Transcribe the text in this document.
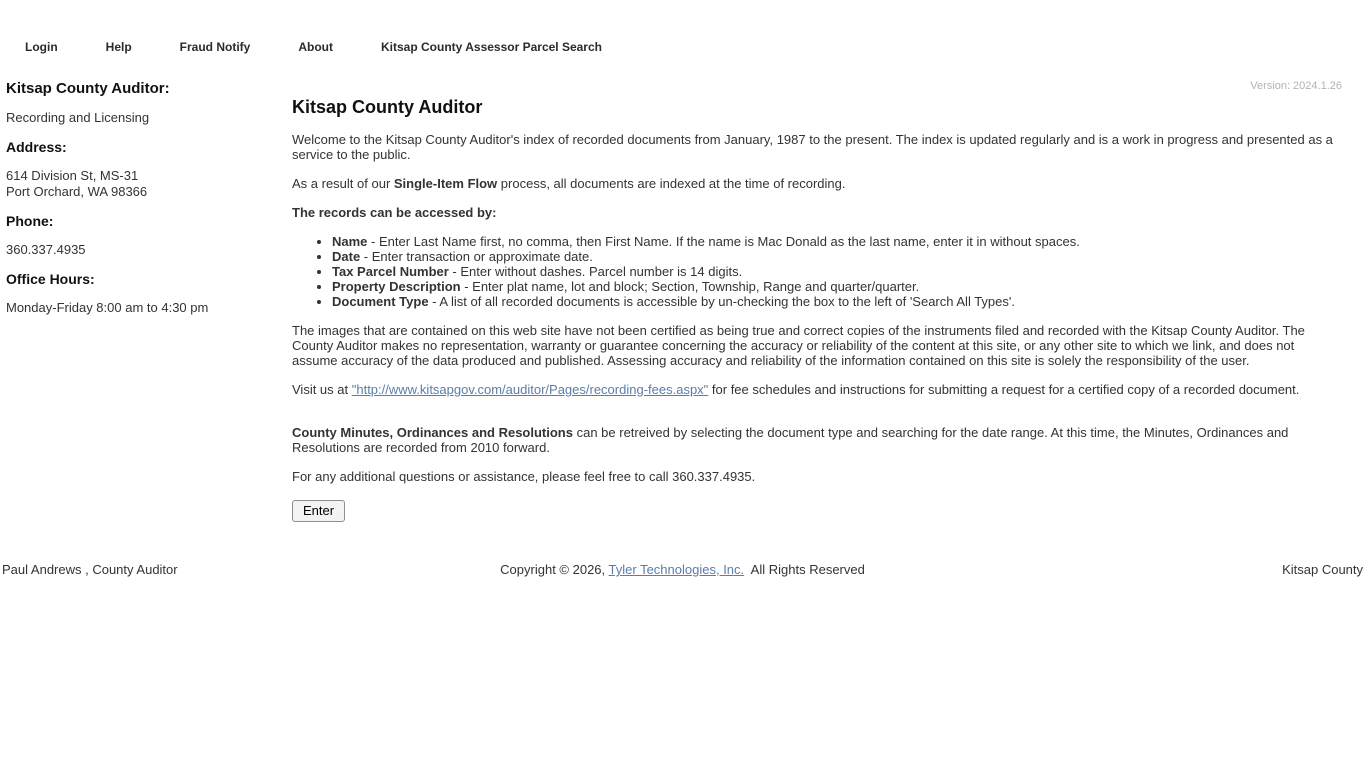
Login	Help	Fraud Notify	About	Kitsap County Assessor Parcel Search
Kitsap County Auditor:
Recording and Licensing
Address:
614 Division St, MS-31
Port Orchard, WA 98366
Phone:
360.337.4935
Office Hours:
Monday-Friday 8:00 am to 4:30 pm
Version: 2024.1.26
Kitsap County Auditor

Welcome to the Kitsap County Auditor's index of recorded documents from January, 1987 to the present. The index is updated regularly and is a work in progress and presented as a service to the public.

As a result of our Single-Item Flow process, all documents are indexed at the time of recording.

The records can be accessed by:

• Name - Enter Last Name first, no comma, then First Name. If the name is Mac Donald as the last name, enter it in without spaces.
• Date - Enter transaction or approximate date.
• Tax Parcel Number - Enter without dashes. Parcel number is 14 digits.
• Property Description - Enter plat name, lot and block; Section, Township, Range and quarter/quarter.
• Document Type - A list of all recorded documents is accessible by un-checking the box to the left of 'Search All Types'.

The images that are contained on this web site have not been certified as being true and correct copies of the instruments filed and recorded with the Kitsap County Auditor. The County Auditor makes no representation, warranty or guarantee concerning the accuracy or reliability of the content at this site, or any other site to which we link, and does not assume accuracy of the data produced and published. Assessing accuracy and reliability of the information contained on this site is solely the responsibility of the user.

Visit us at "http://www.kitsapgov.com/auditor/Pages/recording-fees.aspx" for fee schedules and instructions for submitting a request for a certified copy of a recorded document.

County Minutes, Ordinances and Resolutions can be retreived by selecting the document type and searching for the date range. At this time, the Minutes, Ordinances and Resolutions are recorded from 2010 forward.

For any additional questions or assistance, please feel free to call 360.337.4935.

Enter
Paul Andrews , County Auditor	Copyright © 2026, Tyler Technologies, Inc.  All Rights Reserved	Kitsap County
